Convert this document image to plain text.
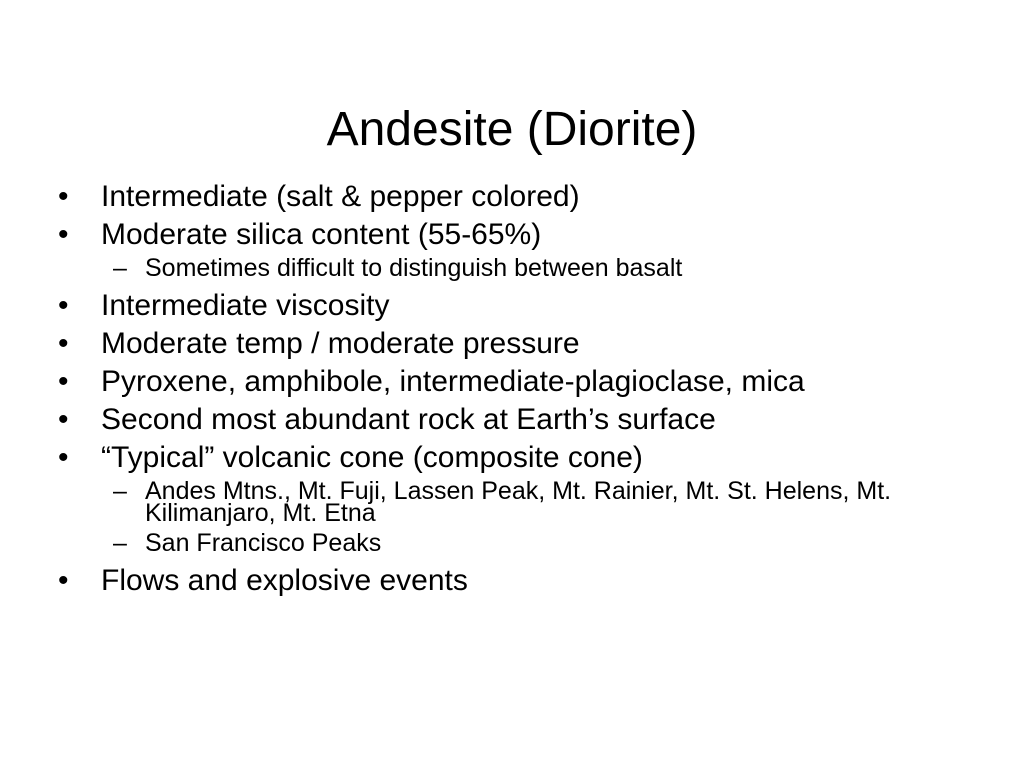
Andesite (Diorite)
•	Intermediate (salt & pepper colored)
•	Moderate silica content (55-65%)
– Sometimes difficult to distinguish between basalt
•	Intermediate viscosity
•	Moderate temp / moderate pressure
•	Pyroxene, amphibole, intermediate-plagioclase, mica
•	Second most abundant rock at Earth’s surface
•	“Typical” volcanic cone (composite cone)
– Andes Mtns., Mt. Fuji, Lassen Peak, Mt. Rainier, Mt. St. Helens, Mt. Kilimanjaro, Mt. Etna
– San Francisco Peaks
•	Flows and explosive events
